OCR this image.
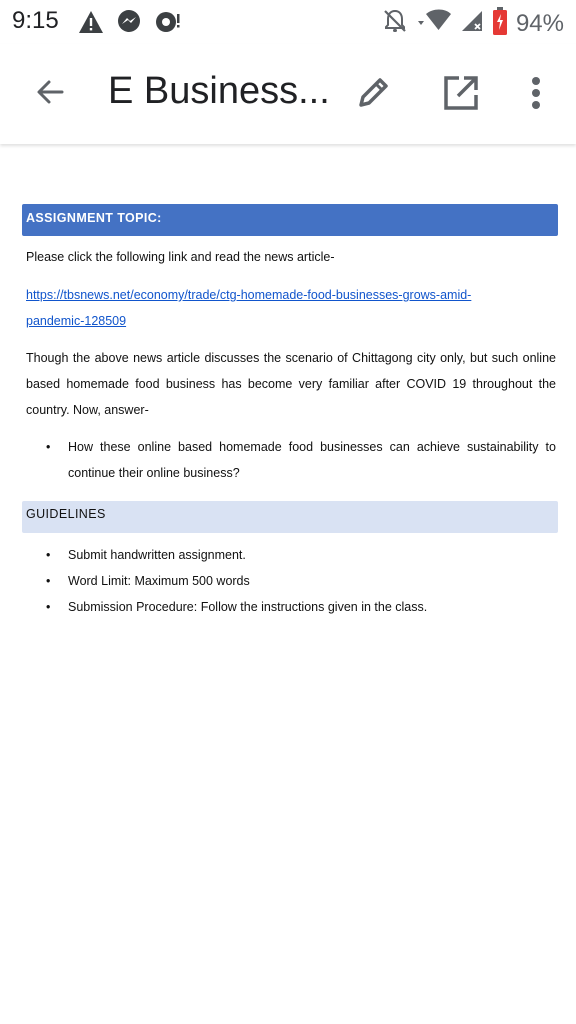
9:15	94%
E Business...
ASSIGNMENT TOPIC:
Please click the following link and read the news article-
https://tbsnews.net/economy/trade/ctg-homemade-food-businesses-grows-amid-
pandemic-128509
Though the above news article discusses the scenario of Chittagong city only, but such online based homemade food business has become very familiar after COVID 19 throughout the country. Now, answer-
• How these online based homemade food businesses can achieve sustainability to continue their online business?
GUIDELINES
• Submit handwritten assignment.
• Word Limit: Maximum 500 words
• Submission Procedure: Follow the instructions given in the class.
